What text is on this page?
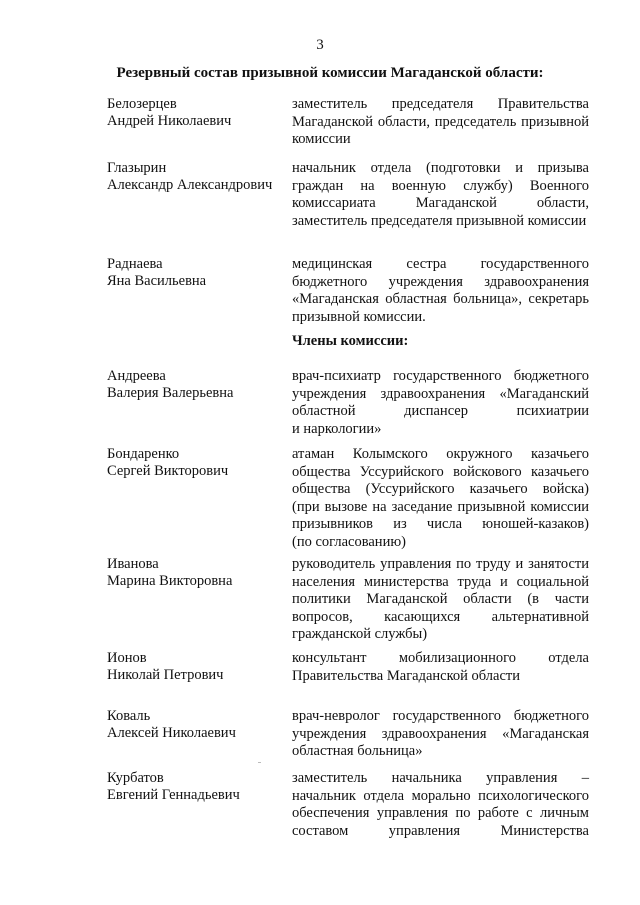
3
Резервный состав призывной комиссии Магаданской области:
Белозерцев
Андрей Николаевич
заместитель председателя Правительства
Магаданской области, председатель призывной
комиссии
Глазырин
Александр Александрович
начальник отдела (подготовки и призыва
граждан на военную службу) Военного
комиссариата Магаданской области,
заместитель председателя призывной комиссии
Раднаева
Яна Васильевна
медицинская сестра государственного
бюджетного учреждения здравоохранения
«Магаданская областная больница», секретарь
призывной комиссии.
Члены комиссии:
Андреева
Валерия Валерьевна
врач-психиатр государственного бюджетного
учреждения здравоохранения «Магаданский
областной диспансер психиатрии
и наркологии»
Бондаренко
Сергей Викторович
атаман Колымского окружного казачьего
общества Уссурийского войскового казачьего
общества (Уссурийского казачьего войска)
(при вызове на заседание призывной комиссии
призывников из числа юношей-казаков)
(по согласованию)
Иванова
Марина Викторовна
руководитель управления по труду и занятости
населения министерства труда и социальной
политики Магаданской области (в части
вопросов, касающихся альтернативной
гражданской службы)
Ионов
Николай Петрович
консультант мобилизационного отдела
Правительства Магаданской области
Коваль
Алексей Николаевич
врач-невролог государственного бюджетного
учреждения здравоохранения «Магаданская
областная больница»
Курбатов
Евгений Геннадьевич
заместитель начальника управления –
начальник отдела морально психологического
обеспечения управления по работе с личным
составом управления Министерства
